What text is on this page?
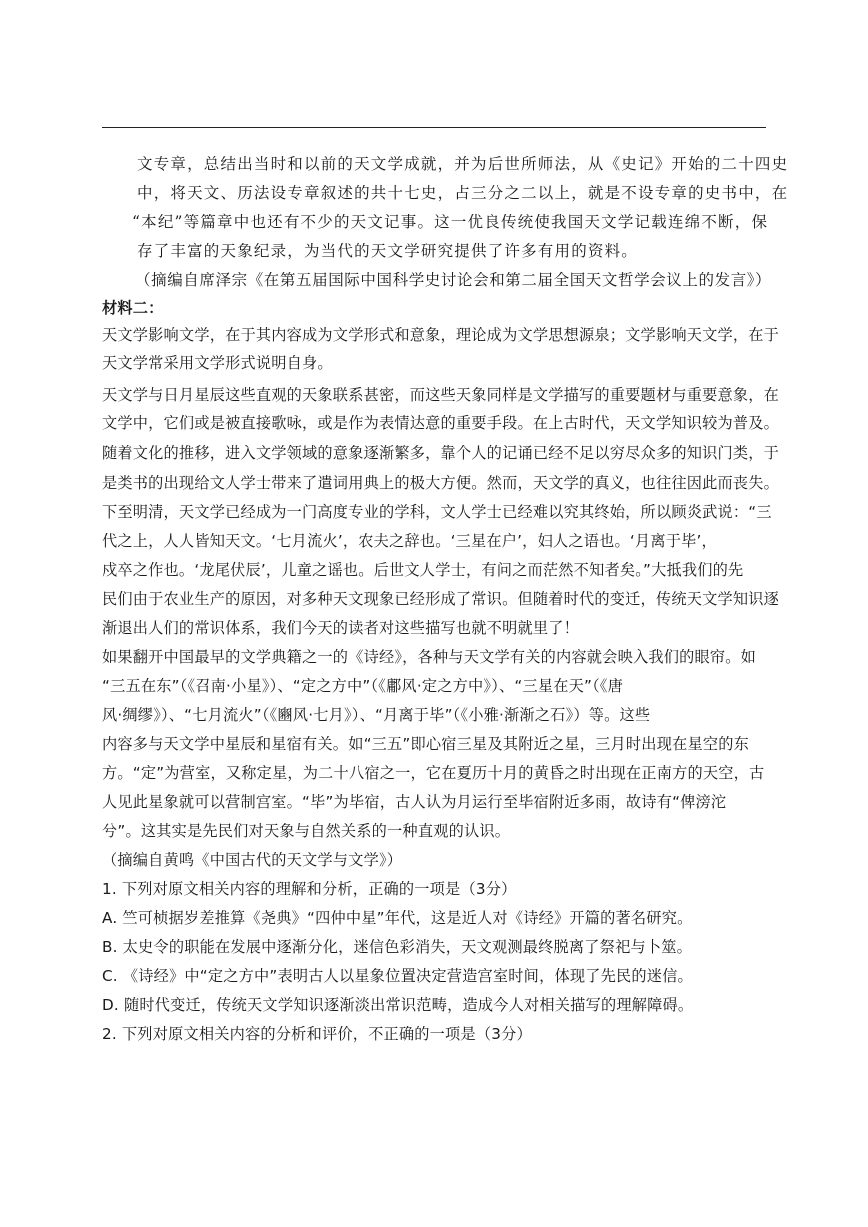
文专章，总结出当时和以前的天文学成就，并为后世所师法，从《史记》开始的二十四史
中，将天文、历法设专章叙述的共十七史，占三分之二以上，就是不设专章的史书中，在
“本纪”等篇章中也还有不少的天文记事。这一优良传统使我国天文学记载连绵不断，保
存了丰富的天象纪录，为当代的天文学研究提供了许多有用的资料。
（摘编自席泽宗《在第五届国际中国科学史讨论会和第二届全国天文哲学会议上的发言》）
材料二：
天文学影响文学，在于其内容成为文学形式和意象，理论成为文学思想源泉；文学影响天文学，在于
天文学常采用文学形式说明自身。
天文学与日月星辰这些直观的天象联系甚密，而这些天象同样是文学描写的重要题材与重要意象，在
文学中，它们或是被直接歌咏，或是作为表情达意的重要手段。在上古时代，天文学知识较为普及。
随着文化的推移，进入文学领域的意象逐渐繁多，靠个人的记诵已经不足以穷尽众多的知识门类，于
是类书的出现给文人学士带来了遣词用典上的极大方便。然而，天文学的真义，也往往因此而丧失。
下至明清，天文学已经成为一门高度专业的学科，文人学士已经难以究其终始，所以顾炎武说：“三
代之上，人人皆知天文。‘七月流火’，农夫之辞也。‘三星在户’，妇人之语也。‘月离于毕’，
戍卒之作也。‘龙尾伏辰’，儿童之谣也。后世文人学士，有问之而茫然不知者矣。”大抵我们的先
民们由于农业生产的原因，对多种天文现象已经形成了常识。但随着时代的变迁，传统天文学知识逐
渐退出人们的常识体系，我们今天的读者对这些描写也就不明就里了！
如果翻开中国最早的文学典籍之一的《诗经》，各种与天文学有关的内容就会映入我们的眼帘。如
“三五在东”（《召南·小星》）、“定之方中”（《鄘风·定之方中》）、“三星在天”（《唐
风·绸缪》）、“七月流火”（《豳风·七月》）、“月离于毕”（《小雅·渐渐之石》）等。这些
内容多与天文学中星辰和星宿有关。如“三五”即心宿三星及其附近之星，三月时出现在星空的东
方。“定”为营室，又称定星，为二十八宿之一，它在夏历十月的黄昏之时出现在正南方的天空，古
人见此星象就可以营制宫室。“毕”为毕宿，古人认为月运行至毕宿附近多雨，故诗有“俾滂沱
兮”。这其实是先民们对天象与自然关系的一种直观的认识。
（摘编自黄鸣《中国古代的天文学与文学》）
1. 下列对原文相关内容的理解和分析，正确的一项是（3分）
A. 竺可桢据岁差推算《尧典》“四仲中星”年代，这是近人对《诗经》开篇的著名研究。
B. 太史令的职能在发展中逐渐分化，迷信色彩消失，天文观测最终脱离了祭祀与卜筮。
C. 《诗经》中“定之方中”表明古人以星象位置决定营造宫室时间，体现了先民的迷信。
D. 随时代变迁，传统天文学知识逐渐淡出常识范畴，造成今人对相关描写的理解障碍。
2. 下列对原文相关内容的分析和评价，不正确的一项是（3分）
